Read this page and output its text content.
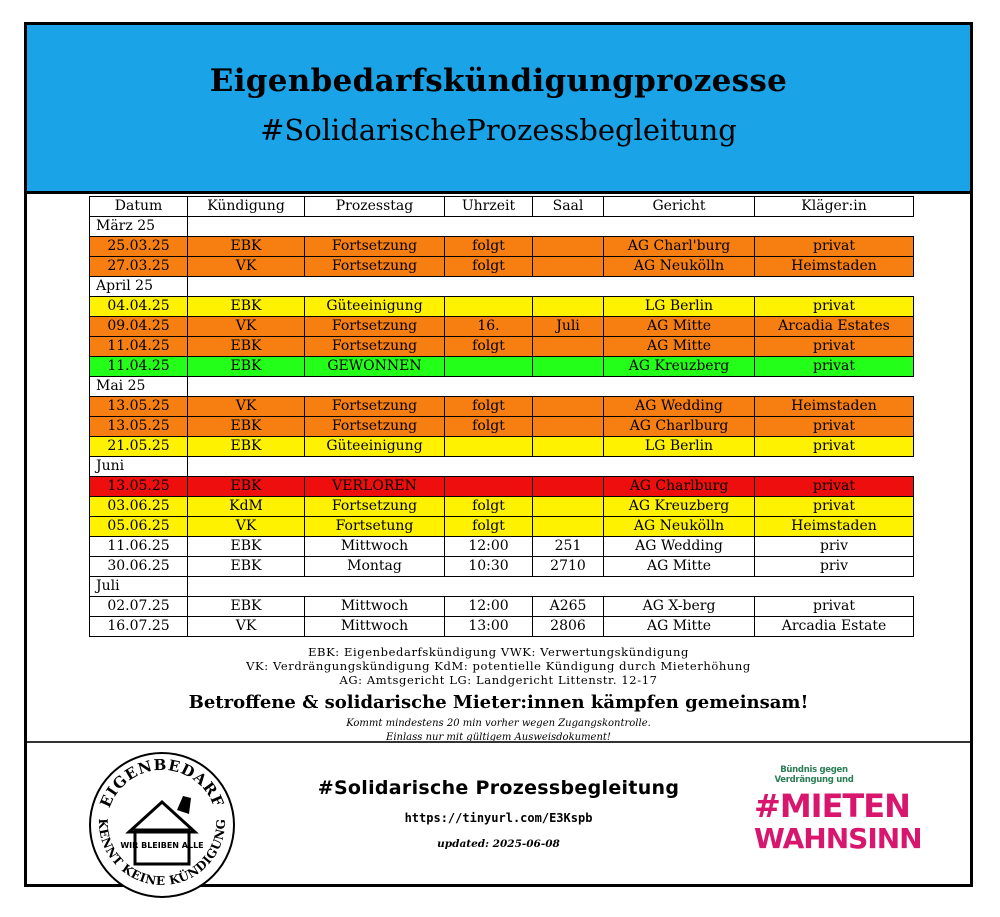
Eigenbedarfskündigungprozesse
#SolidarischeProzessbegleitung
Datum	Kündigung	Prozesstag	Uhrzeit	Saal	Gericht	Kläger:in
März 25						
25.03.25	EBK	Fortsetzung	folgt		AG Charl'burg	privat
27.03.25	VK	Fortsetzung	folgt		AG Neukölln	Heimstaden
April 25						
04.04.25	EBK	Güteeinigung			LG Berlin	privat
09.04.25	VK	Fortsetzung	16.	Juli	AG Mitte	Arcadia Estates
11.04.25	EBK	Fortsetzung	folgt		AG Mitte	privat
11.04.25	EBK	GEWONNEN			AG Kreuzberg	privat
Mai 25						
13.05.25	VK	Fortsetzung	folgt		AG Wedding	Heimstaden
13.05.25	EBK	Fortsetzung	folgt		AG Charlburg	privat
21.05.25	EBK	Güteeinigung			LG Berlin	privat
Juni						
13.05.25	EBK	VERLOREN			AG Charlburg	privat
03.06.25	KdM	Fortsetzung	folgt		AG Kreuzberg	privat
05.06.25	VK	Fortsetung	folgt		AG Neukölln	Heimstaden
11.06.25	EBK	Mittwoch	12:00	251	AG Wedding	priv
30.06.25	EBK	Montag	10:30	2710	AG Mitte	priv
Juli						
02.07.25	EBK	Mittwoch	12:00	A265	AG X-berg	privat
16.07.25	VK	Mittwoch	13:00	2806	AG Mitte	Arcadia Estate
EBK: Eigenbedarfskündigung VWK: Verwertungskündigung
VK: Verdrängungskündigung KdM: potentielle Kündigung durch Mieterhöhung
AG: Amtsgericht LG: Landgericht Littenstr. 12-17
Betroffene & solidarische Mieter:innen kämpfen gemeinsam!
Kommt mindestens 20 min vorher wegen Zugangskontrolle.
Einlass nur mit gültigem Ausweisdokument!
EIGENBEDARF
KENNT KEINE KÜNDIGUNG
WIR BLEIBEN ALLE
#Solidarische Prozessbegleitung
https://tinyurl.com/E3Kspb
updated: 2025-06-08
Bündnis gegen Verdrängung und
#MIETEN
WAHNSINN
